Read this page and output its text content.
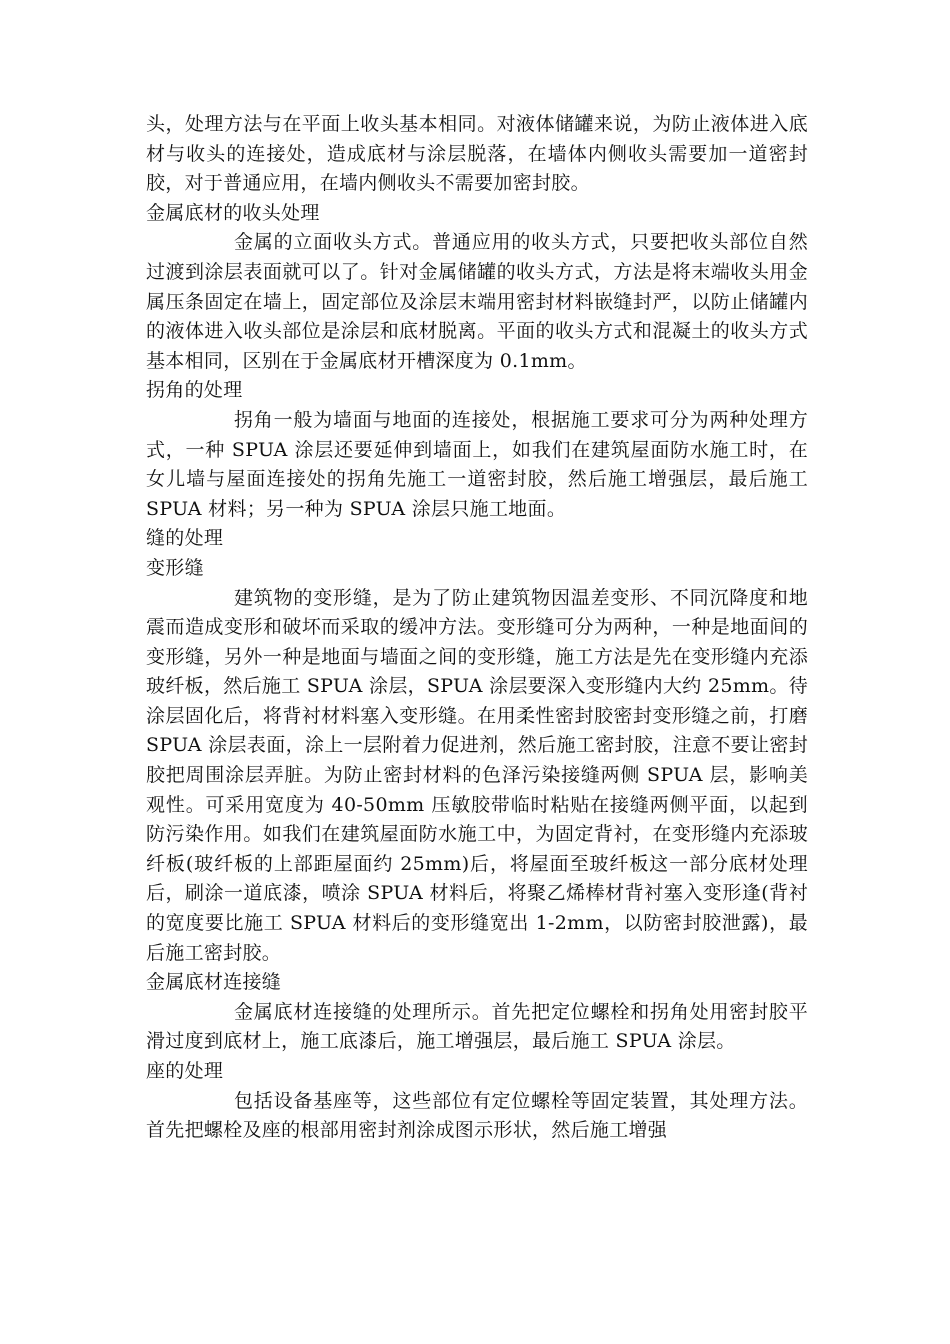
头，处理方法与在平面上收头基本相同。对液体储罐来说，为防止液体进入底材与收头的连接处，造成底材与涂层脱落，在墙体内侧收头需要加一道密封胶，对于普通应用，在墙内侧收头不需要加密封胶。

金属底材的收头处理

金属的立面收头方式。普通应用的收头方式，只要把收头部位自然过渡到涂层表面就可以了。针对金属储罐的收头方式，方法是将末端收头用金属压条固定在墙上，固定部位及涂层末端用密封材料嵌缝封严，以防止储罐内的液体进入收头部位是涂层和底材脱离。平面的收头方式和混凝土的收头方式基本相同，区别在于金属底材开槽深度为 0.1mm。

拐角的处理

拐角一般为墙面与地面的连接处，根据施工要求可分为两种处理方式，一种 SPUA 涂层还要延伸到墙面上，如我们在建筑屋面防水施工时，在女儿墙与屋面连接处的拐角先施工一道密封胶，然后施工增强层，最后施工 SPUA 材料；另一种为 SPUA 涂层只施工地面。

缝的处理
变形缝

建筑物的变形缝，是为了防止建筑物因温差变形、不同沉降度和地震而造成变形和破坏而采取的缓冲方法。变形缝可分为两种，一种是地面间的变形缝，另外一种是地面与墙面之间的变形缝，施工方法是先在变形缝内充添玻纤板，然后施工 SPUA 涂层，SPUA 涂层要深入变形缝内大约 25mm。待涂层固化后，将背衬材料塞入变形缝。在用柔性密封胶密封变形缝之前，打磨 SPUA 涂层表面，涂上一层附着力促进剂，然后施工密封胶，注意不要让密封胶把周围涂层弄脏。为防止密封材料的色泽污染接缝两侧 SPUA 层，影响美观性。可采用宽度为 40-50mm 压敏胶带临时粘贴在接缝两侧平面，以起到防污染作用。如我们在建筑屋面防水施工中，为固定背衬，在变形缝内充添玻纤板(玻纤板的上部距屋面约 25mm)后，将屋面至玻纤板这一部分底材处理后，刷涂一道底漆，喷涂 SPUA 材料后，将聚乙烯棒材背衬塞入变形逢(背衬的宽度要比施工 SPUA 材料后的变形缝宽出 1-2mm，以防密封胶泄露)，最后施工密封胶。

金属底材连接缝

金属底材连接缝的处理所示。首先把定位螺栓和拐角处用密封胶平滑过度到底材上，施工底漆后，施工增强层，最后施工 SPUA 涂层。

座的处理

包括设备基座等，这些部位有定位螺栓等固定装置，其处理方法。首先把螺栓及座的根部用密封剂涂成图示形状，然后施工增强
